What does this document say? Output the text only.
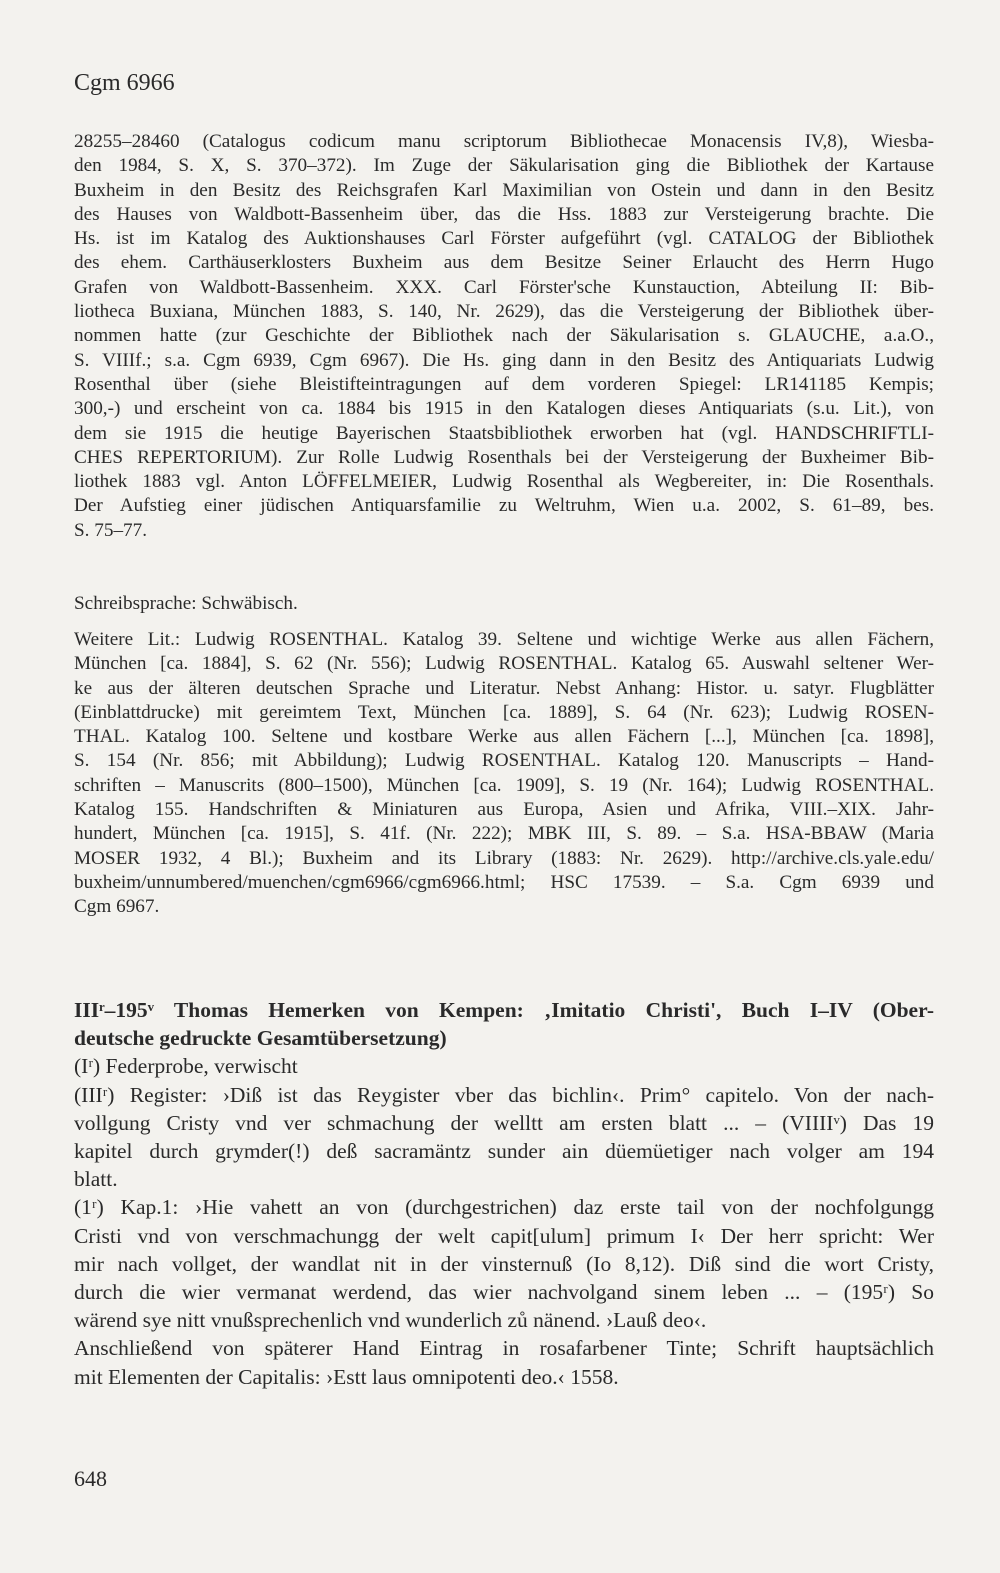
Cgm 6966
28255–28460 (Catalogus codicum manu scriptorum Bibliothecae Monacensis IV,8), Wiesba-
den 1984, S. X, S. 370–372). Im Zuge der Säkularisation ging die Bibliothek der Kartause
Buxheim in den Besitz des Reichsgrafen Karl Maximilian von Ostein und dann in den Besitz
des Hauses von Waldbott-Bassenheim über, das die Hss. 1883 zur Versteigerung brachte. Die
Hs. ist im Katalog des Auktionshauses Carl Förster aufgeführt (vgl. CATALOG der Bibliothek
des ehem. Carthäuserklosters Buxheim aus dem Besitze Seiner Erlaucht des Herrn Hugo
Grafen von Waldbott-Bassenheim. XXX. Carl Förster'sche Kunstauction, Abteilung II: Bib-
liotheca Buxiana, München 1883, S. 140, Nr. 2629), das die Versteigerung der Bibliothek über-
nommen hatte (zur Geschichte der Bibliothek nach der Säkularisation s. GLAUCHE, a.a.O.,
S. VIIIf.; s.a. Cgm 6939, Cgm 6967). Die Hs. ging dann in den Besitz des Antiquariats Ludwig
Rosenthal über (siehe Bleistifteintragungen auf dem vorderen Spiegel: LR141185 Kempis;
300,-) und erscheint von ca. 1884 bis 1915 in den Katalogen dieses Antiquariats (s.u. Lit.), von
dem sie 1915 die heutige Bayerischen Staatsbibliothek erworben hat (vgl. HANDSCHRIFTLI-
CHES REPERTORIUM). Zur Rolle Ludwig Rosenthals bei der Versteigerung der Buxheimer Bib-
liothek 1883 vgl. Anton LÖFFELMEIER, Ludwig Rosenthal als Wegbereiter, in: Die Rosenthals.
Der Aufstieg einer jüdischen Antiquarsfamilie zu Weltruhm, Wien u.a. 2002, S. 61–89, bes.
S. 75–77.
Schreibsprache: Schwäbisch.
Weitere Lit.: Ludwig ROSENTHAL. Katalog 39. Seltene und wichtige Werke aus allen Fächern,
München [ca. 1884], S. 62 (Nr. 556); Ludwig ROSENTHAL. Katalog 65. Auswahl seltener Wer-
ke aus der älteren deutschen Sprache und Literatur. Nebst Anhang: Histor. u. satyr. Flugblätter
(Einblattdrucke) mit gereimtem Text, München [ca. 1889], S. 64 (Nr. 623); Ludwig ROSEN-
THAL. Katalog 100. Seltene und kostbare Werke aus allen Fächern [...], München [ca. 1898],
S. 154 (Nr. 856; mit Abbildung); Ludwig ROSENTHAL. Katalog 120. Manuscripts – Hand-
schriften – Manuscrits (800–1500), München [ca. 1909], S. 19 (Nr. 164); Ludwig ROSENTHAL.
Katalog 155. Handschriften & Miniaturen aus Europa, Asien und Afrika, VIII.–XIX. Jahr-
hundert, München [ca. 1915], S. 41f. (Nr. 222); MBK III, S. 89. – S.a. HSA-BBAW (Maria
MOSER 1932, 4 Bl.); Buxheim and its Library (1883: Nr. 2629). http://archive.cls.yale.edu/
buxheim/unnumbered/muenchen/cgm6966/cgm6966.html; HSC 17539. – S.a. Cgm 6939 und
Cgm 6967.
IIIʳ–195ᵛ Thomas Hemerken von Kempen: ‚Imitatio Christi', Buch I–IV (Ober-
deutsche gedruckte Gesamtübersetzung)
(Iʳ) Federprobe, verwischt
(IIIʳ) Register: ›Diß ist das Reygister vber das bichlin‹. Prim° capitelo. Von der nach-
vollgung Cristy vnd ver schmachung der welltt am ersten blatt ... – (VIIIIᵛ) Das 19
kapitel durch grymder(!) deß sacramäntz sunder ain düemüetiger nach volger am 194
blatt.
(1ʳ) Kap.1: ›Hie vahett an von (durchgestrichen) daz erste tail von der nochfolgungg
Cristi vnd von verschmachungg der welt capit[ulum] primum I‹ Der herr spricht: Wer
mir nach vollget, der wandlat nit in der vinsternuß (Io 8,12). Diß sind die wort Cristy,
durch die wier vermanat werdend, das wier nachvolgand sinem leben ... – (195ʳ) So
wärend sye nitt vnußsprechenlich vnd wunderlich zů nänend. ›Lauß deo‹.
Anschließend von späterer Hand Eintrag in rosafarbener Tinte; Schrift hauptsächlich
mit Elementen der Capitalis: ›Estt laus omnipotenti deo.‹ 1558.
648
